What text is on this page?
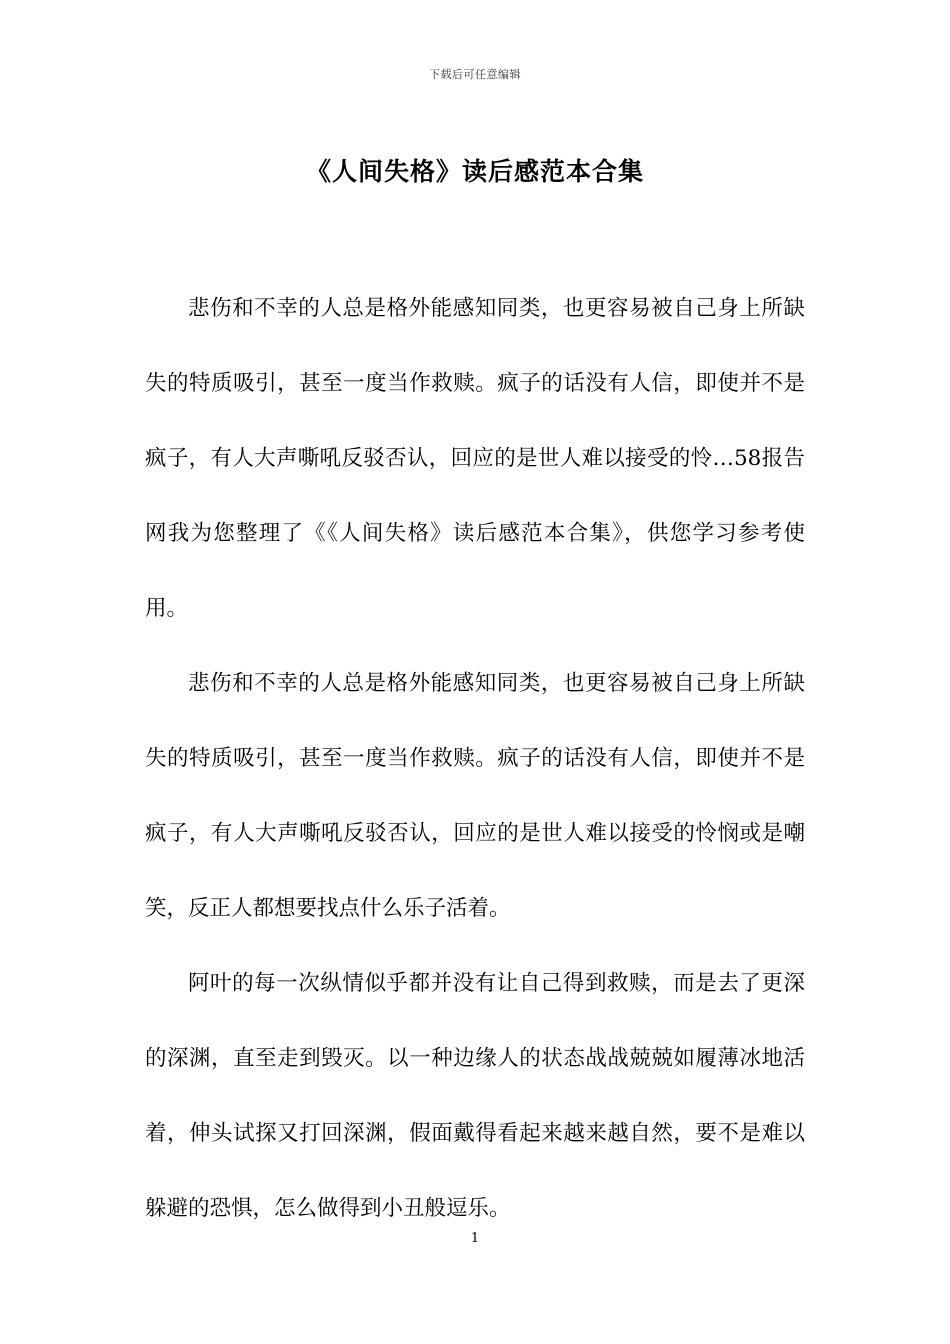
下载后可任意编辑
《人间失格》读后感范本合集

悲伤和不幸的人总是格外能感知同类，也更容易被自己身上所缺失的特质吸引，甚至一度当作救赎。疯子的话没有人信，即使并不是疯子，有人大声嘶吼反驳否认，回应的是世人难以接受的怜…58报告网我为您整理了《《人间失格》读后感范本合集》，供您学习参考使用。

悲伤和不幸的人总是格外能感知同类，也更容易被自己身上所缺失的特质吸引，甚至一度当作救赎。疯子的话没有人信，即使并不是疯子，有人大声嘶吼反驳否认，回应的是世人难以接受的怜悯或是嘲笑，反正人都想要找点什么乐子活着。

阿叶的每一次纵情似乎都并没有让自己得到救赎，而是去了更深的深渊，直至走到毁灭。以一种边缘人的状态战战兢兢如履薄冰地活着，伸头试探又打回深渊，假面戴得看起来越来越自然，要不是难以躲避的恐惧，怎么做得到小丑般逗乐。

1
